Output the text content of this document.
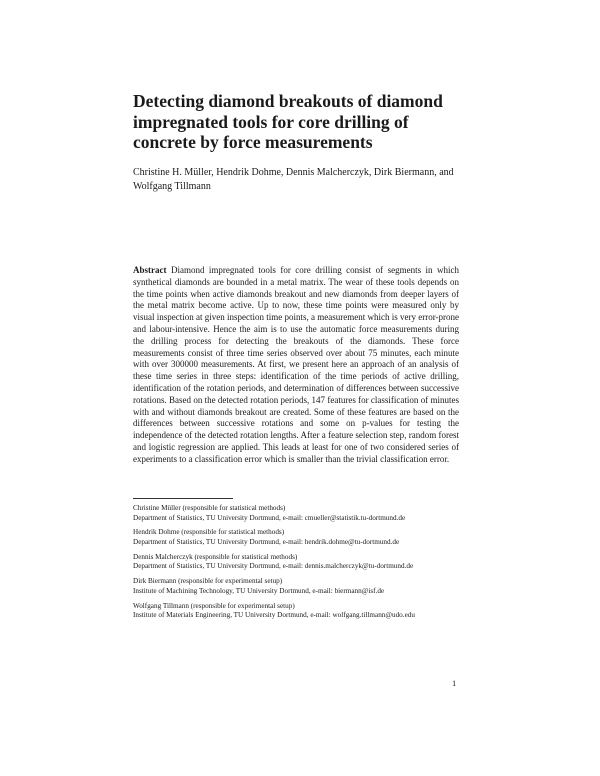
Detecting diamond breakouts of diamond impregnated tools for core drilling of concrete by force measurements

Christine H. Müller, Hendrik Dohme, Dennis Malcherczyk, Dirk Biermann, and Wolfgang Tillmann

Abstract Diamond impregnated tools for core drilling consist of segments in which synthetical diamonds are bounded in a metal matrix. The wear of these tools depends on the time points when active diamonds breakout and new diamonds from deeper layers of the metal matrix become active. Up to now, these time points were measured only by visual inspection at given inspection time points, a measurement which is very error-prone and labour-intensive. Hence the aim is to use the automatic force measurements during the drilling process for detecting the breakouts of the diamonds. These force measurements consist of three time series observed over about 75 minutes, each minute with over 300000 measurements. At first, we present here an approach of an analysis of these time series in three steps: identification of the time periods of active drilling, identification of the rotation periods, and determination of differences between successive rotations. Based on the detected rotation periods, 147 features for classification of minutes with and without diamonds breakout are created. Some of these features are based on the differences between successive rotations and some on p-values for testing the independence of the detected rotation lengths. After a feature selection step, random forest and logistic regression are applied. This leads at least for one of two considered series of experiments to a classification error which is smaller than the trivial classification error.

Christine Müller (responsible for statistical methods)
Department of Statistics, TU University Dortmund, e-mail: cmueller@statistik.tu-dortmund.de
Hendrik Dohme (responsible for statistical methods)
Department of Statistics, TU University Dortmund, e-mail: hendrik.dohme@tu-dortmund.de
Dennis Malcherczyk (responsible for statistical methods)
Department of Statistics, TU University Dortmund, e-mail: dennis.malcherczyk@tu-dortmund.de
Dirk Biermann (responsible for experimental setup)
Institute of Machining Technology, TU University Dortmund, e-mail: biermann@isf.de
Wolfgang Tillmann (responsible for experimental setup)
Institute of Materials Engineering, TU University Dortmund, e-mail: wolfgang.tillmann@udo.edu
1
